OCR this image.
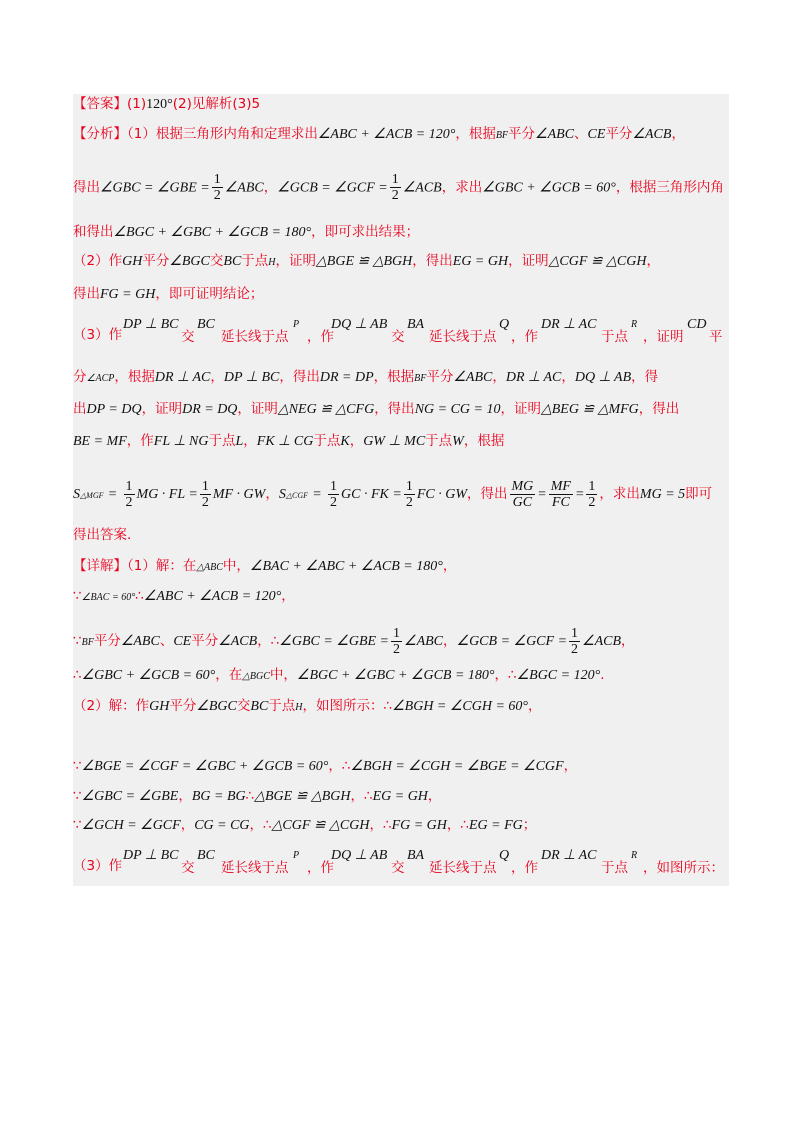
【答案】(1)120°(2)见解析(3)5
【分析】（1）根据三角形内角和定理求出∠ABC + ∠ACB = 120°，根据BF平分∠ABC、CE平分∠ACB，
得出∠GBC = ∠GBE = $\frac{1}{2}$ ∠ABC，∠GCB = ∠GCF = $\frac{1}{2}$ ∠ACB，求出∠GBC + ∠GCB = 60°，根据三角形内角
和得出∠BGC + ∠GBC + ∠GCB = 180°，即可求出结果；
（2）作GH平分∠BGC交BC于点H，证明△BGE ≌ △BGH，得出EG = GH，证明△CGF ≌ △CGH，
得出FG = GH，即可证明结论；
（3）作
DP ⊥ BC BC
交 延长线于点
P
，作
DQ ⊥ AB BA
交 延长线于点
Q
，作
DR ⊥ AC
于点
R
，证明
CD
平
分∠ACP，根据DR ⊥ AC，DP ⊥ BC，得出DR = DP，根据BF平分∠ABC，DR ⊥ AC，DQ ⊥ AB，得
出DP = DQ，证明DR = DQ，证明△NEG ≌ △CFG，得出NG = CG = 10，证明△BEG ≌ △MFG，得出
BE = MF，作FL ⊥ NG于点L，FK ⊥ CG于点K，GW ⊥ MC于点W，根据
S△MGF = $\frac{1}{2}$ MG · FL = $\frac{1}{2}$ MF · GW，S△CGF = $\frac{1}{2}$ GC · FK = $\frac{1}{2}$ FC · GW，得出 $\frac{MG}{GC} = \frac{MF}{FC} = \frac{1}{2}$ ，求出MG = 5即可
得出答案.
【详解】（1）解：在△ABC中，∠BAC + ∠ABC + ∠ACB = 180°，
∵∠BAC = 60°∴∠ABC + ∠ACB = 120°，
∵BF平分∠ABC、CE平分∠ACB，∴∠GBC = ∠GBE = $\frac{1}{2}$ ∠ABC，∠GCB = ∠GCF = $\frac{1}{2}$ ∠ACB，
∴∠GBC + ∠GCB = 60°，在△BGC中，∠BGC + ∠GBC + ∠GCB = 180°，∴∠BGC = 120°.
（2）解：作GH平分∠BGC交BC于点H，如图所示：∴∠BGH = ∠CGH = 60°，
∵∠BGE = ∠CGF = ∠GBC + ∠GCB = 60°，∴∠BGH = ∠CGH = ∠BGE = ∠CGF，
∵∠GBC = ∠GBE，BG = BG∴△BGE ≌ △BGH，∴EG = GH，
∵∠GCH = ∠GCF，CG = CG，∴△CGF ≌ △CGH，∴FG = GH，∴EG = FG；
（3）作
DP ⊥ BC BC
交 延长线于点
P
，作
DQ ⊥ AB BA
交 延长线于点
Q
，作
DR ⊥ AC
于点
R
，如图所示：
